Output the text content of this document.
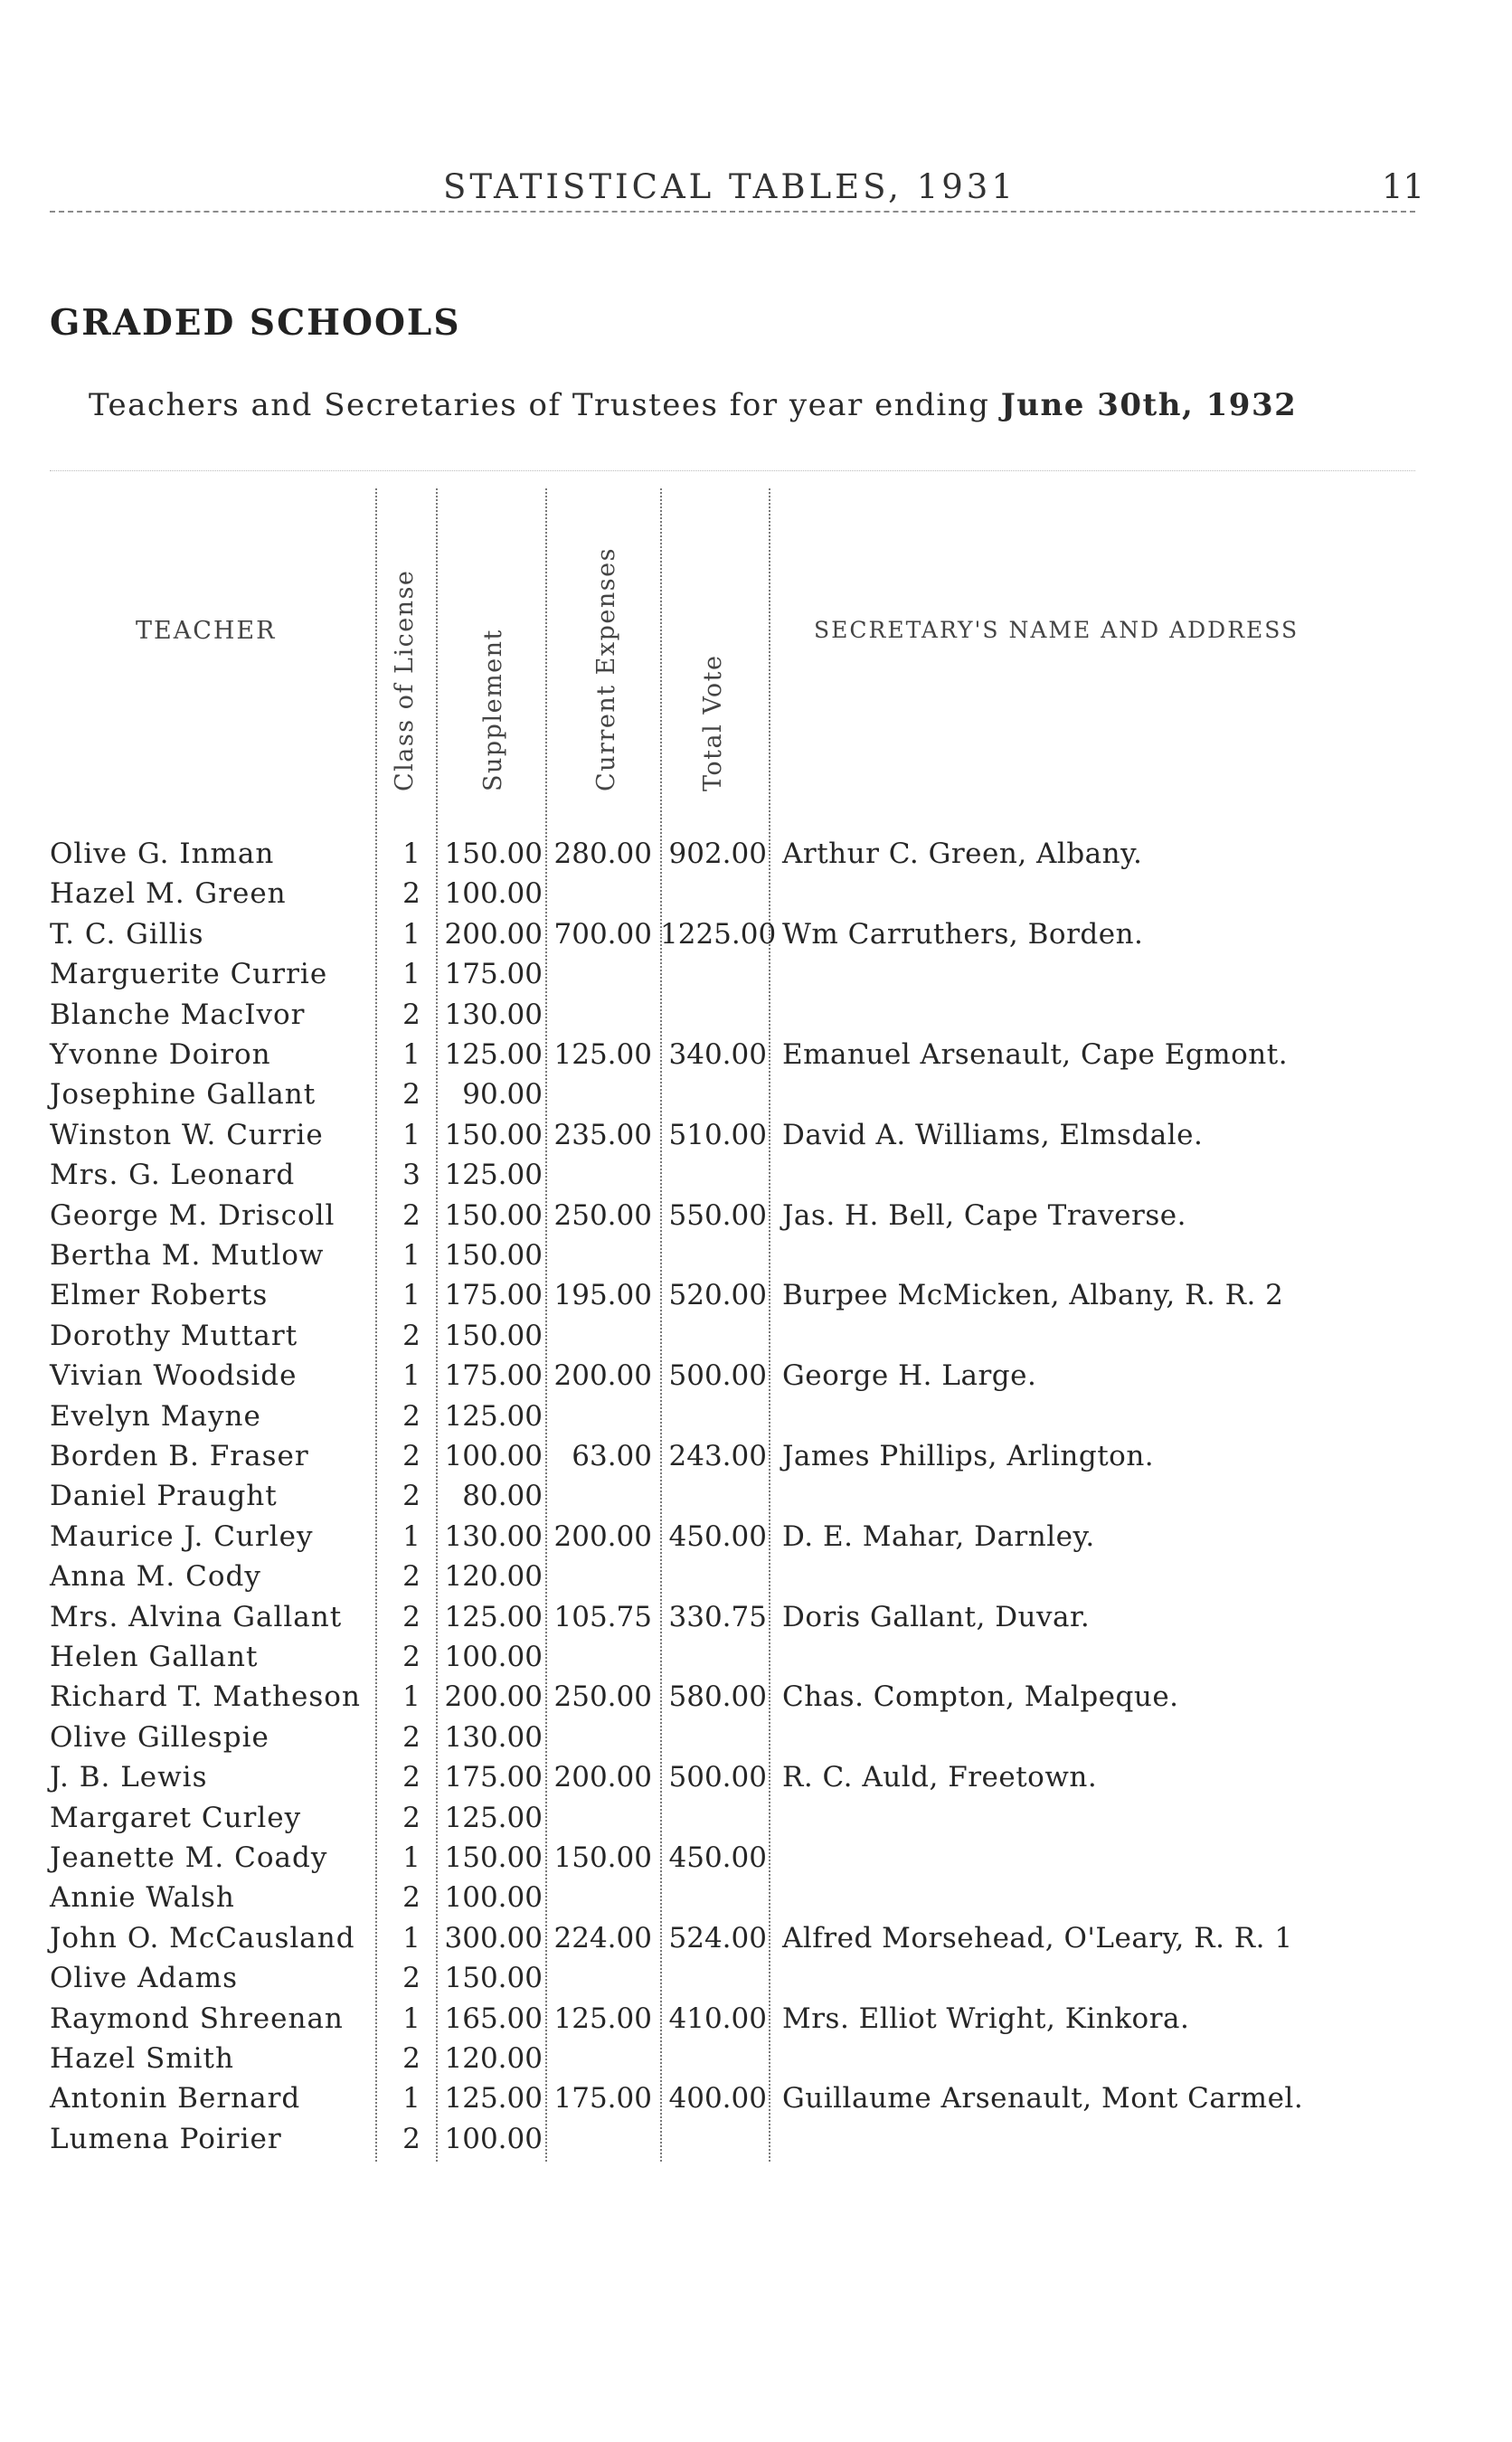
STATISTICAL TABLES, 1931	11
GRADED SCHOOLS
Teachers and Secretaries of Trustees for year ending June 30th, 1932
TEACHER	Class of License Supplement	Current Expenses	Total Vote
SECRETARY'S NAME AND ADDRESS
Olive G. Inman	1 150.00 280.00 902.00 Arthur C. Green, Albany.
Hazel M. Green	2 100.00
T. C. Gillis	1 200.00 700.00 1225.00 Wm Carruthers, Borden.
Marguerite Currie	1 175.00
Blanche MacIvor	2 130.00
Yvonne Doiron	1 125.00 125.00 340.00 Emanuel Arsenault, Cape Egmont.
Josephine Gallant	2	90.00
Winston W. Currie	1 150.00 235.00 510.00 David A. Williams, Elmsdale.
Mrs. G. Leonard	3 125.00
George M. Driscoll	2 150.00 250.00 550.00 Jas. H. Bell, Cape Traverse.
Bertha M. Mutlow	1 150.00
Elmer Roberts	1 175.00 195.00 520.00 Burpee McMicken, Albany, R. R. 2
Dorothy Muttart	2 150.00
Vivian Woodside	1 175.00 200.00 500.00 George H. Large.
Evelyn Mayne	2 125.00
Borden B. Fraser	2 100.00	63.00 243.00 James Phillips, Arlington.
Daniel Praught	2	80.00
Maurice J. Curley	1 130.00 200.00 450.00 D. E. Mahar, Darnley.
Anna M. Cody	2 120.00
Mrs. Alvina Gallant	2 125.00 105.75 330.75 Doris Gallant, Duvar.
Helen Gallant	2 100.00
Richard T. Matheson	1 200.00 250.00 580.00 Chas. Compton, Malpeque.
Olive Gillespie	2 130.00
J. B. Lewis	2 175.00 200.00 500.00 R. C. Auld, Freetown.
Margaret Curley	2 125.00
Jeanette M. Coady	1 150.00 150.00 450.00
Annie Walsh	2 100.00
John O. McCausland	1 300.00 224.00 524.00 Alfred Morsehead, O'Leary, R. R. 1
Olive Adams	2 150.00
Raymond Shreenan	1 165.00 125.00 410.00 Mrs. Elliot Wright, Kinkora.
Hazel Smith	2 120.00
Antonin Bernard	1 125.00 175.00 400.00 Guillaume Arsenault, Mont Carmel.
Lumena Poirier	2 100.00
